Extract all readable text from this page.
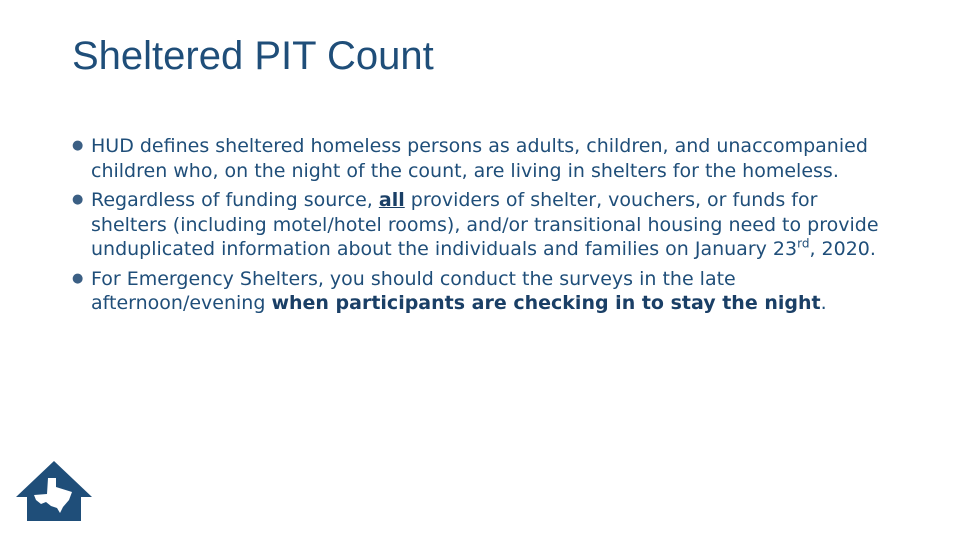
Sheltered PIT Count
● HUD defines sheltered homeless persons as adults, children, and unaccompanied children who, on the night of the count, are living in shelters for the homeless.
● Regardless of funding source, all providers of shelter, vouchers, or funds for shelters (including motel/hotel rooms), and/or transitional housing need to provide unduplicated information about the individuals and families on January 23rd, 2020.
● For Emergency Shelters, you should conduct the surveys in the late afternoon/evening when participants are checking in to stay the night.
